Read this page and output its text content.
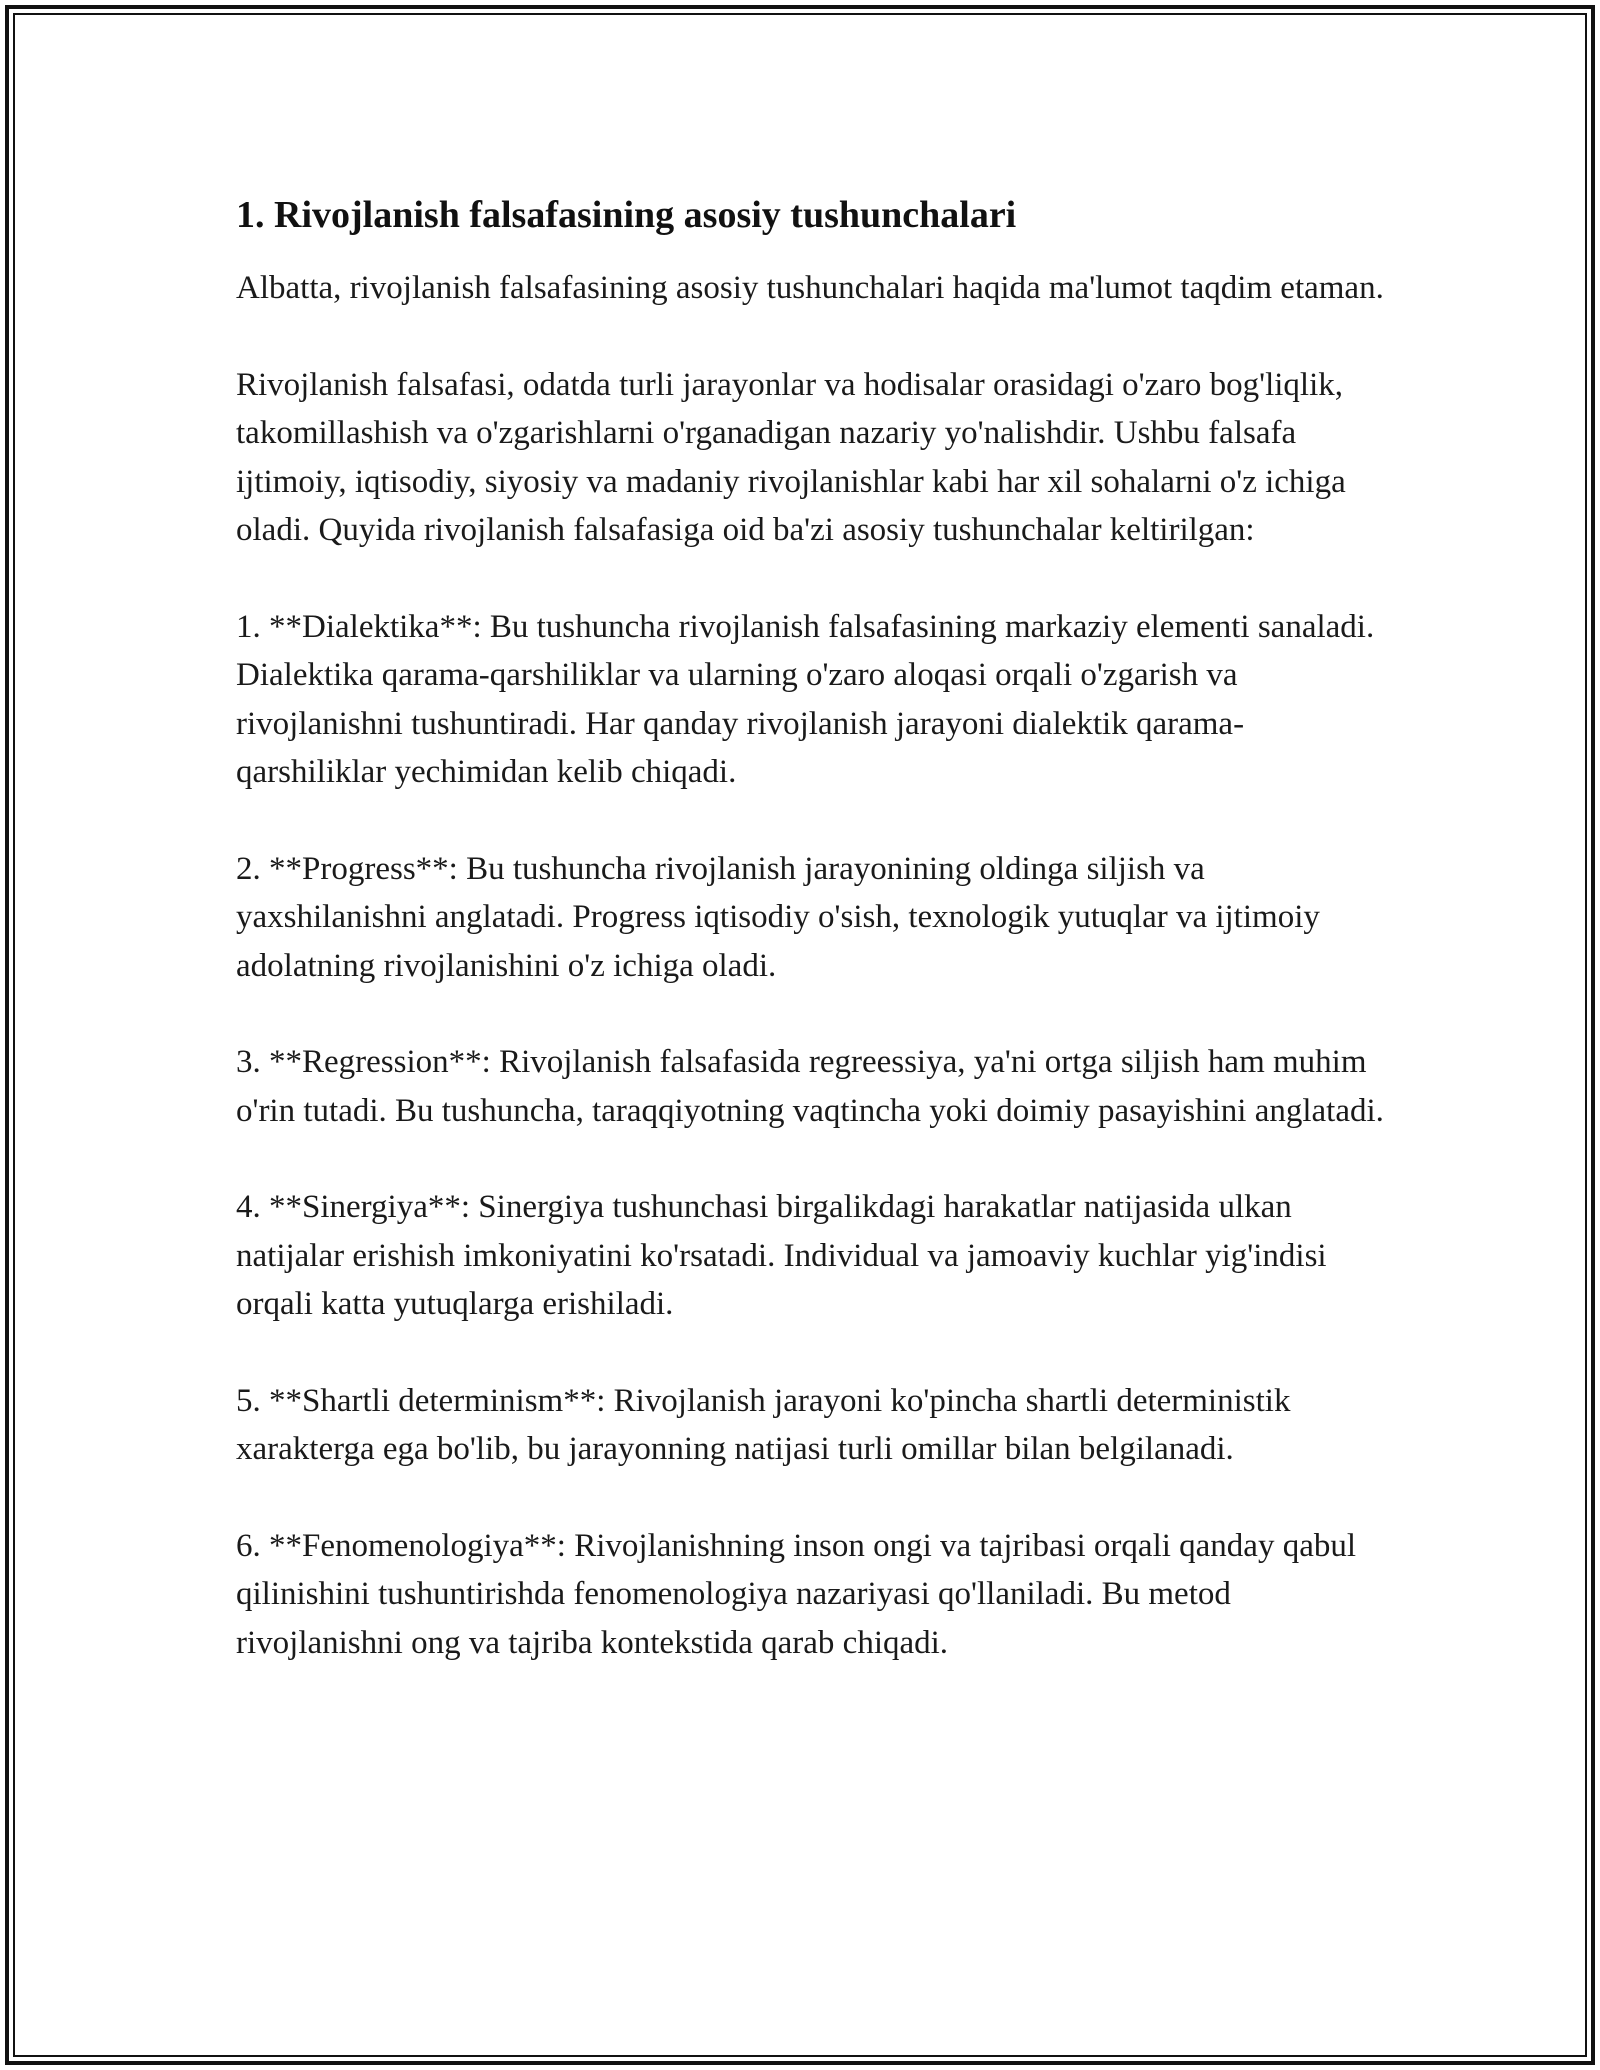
1. Rivojlanish falsafasining asosiy tushunchalari

Albatta, rivojlanish falsafasining asosiy tushunchalari haqida ma'lumot taqdim etaman.

Rivojlanish falsafasi, odatda turli jarayonlar va hodisalar orasidagi o'zaro bog'liqlik, takomillashish va o'zgarishlarni o'rganadigan nazariy yo'nalishdir. Ushbu falsafa ijtimoiy, iqtisodiy, siyosiy va madaniy rivojlanishlar kabi har xil sohalarni o'z ichiga oladi. Quyida rivojlanish falsafasiga oid ba'zi asosiy tushunchalar keltirilgan:

1. **Dialektika**: Bu tushuncha rivojlanish falsafasining markaziy elementi sanaladi. Dialektika qarama-qarshiliklar va ularning o'zaro aloqasi orqali o'zgarish va rivojlanishni tushuntiradi. Har qanday rivojlanish jarayoni dialektik qarama-qarshiliklar yechimidan kelib chiqadi.

2. **Progress**: Bu tushuncha rivojlanish jarayonining oldinga siljish va yaxshilanishni anglatadi. Progress iqtisodiy o'sish, texnologik yutuqlar va ijtimoiy adolatning rivojlanishini o'z ichiga oladi.

3. **Regression**: Rivojlanish falsafasida regreessiya, ya'ni ortga siljish ham muhim o'rin tutadi. Bu tushuncha, taraqqiyotning vaqtincha yoki doimiy pasayishini anglatadi.

4. **Sinergiya**: Sinergiya tushunchasi birgalikdagi harakatlar natijasida ulkan natijalar erishish imkoniyatini ko'rsatadi. Individual va jamoaviy kuchlar yig'indisi orqali katta yutuqlarga erishiladi.

5. **Shartli determinism**: Rivojlanish jarayoni ko'pincha shartli deterministik xarakterga ega bo'lib, bu jarayonning natijasi turli omillar bilan belgilanadi.

6. **Fenomenologiya**: Rivojlanishning inson ongi va tajribasi orqali qanday qabul qilinishini tushuntirishda fenomenologiya nazariyasi qo'llaniladi. Bu metod rivojlanishni ong va tajriba kontekstida qarab chiqadi.
